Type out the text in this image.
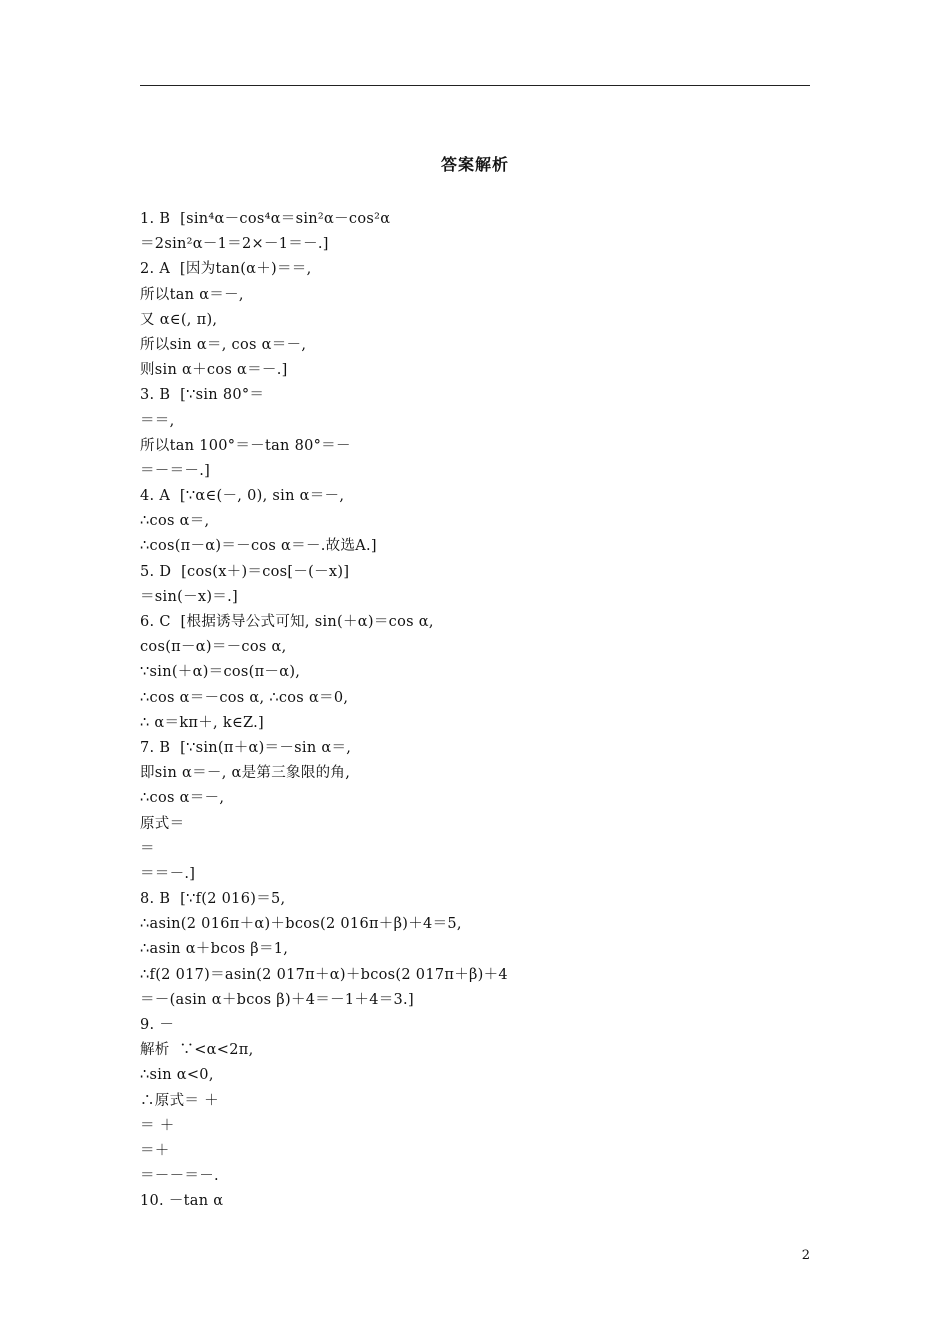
答案解析
1. B  [sin⁴α－cos⁴α＝sin²α－cos²α
＝2sin²α－1＝2×－1＝－.]
2. A  [因为tan(α＋)＝＝,
所以tan α＝－,
又 α∈(, π),
所以sin α＝, cos α＝－,
则sin α＋cos α＝－.]
3. B  [∵sin 80°＝
＝＝,
所以tan 100°＝－tan 80°＝－
＝－＝－.]
4. A  [∵α∈(－, 0), sin α＝－,
∴cos α＝,
∴cos(π－α)＝－cos α＝－.故选A.]
5. D  [cos(x＋)＝cos[－(－x)]
＝sin(－x)＝.]
6. C  [根据诱导公式可知, sin(＋α)＝cos α,
cos(π－α)＝－cos α,
∵sin(＋α)＝cos(π－α),
∴cos α＝－cos α, ∴cos α＝0,
∴ α＝kπ＋, k∈Z.]
7. B  [∵sin(π＋α)＝－sin α＝,
即sin α＝－, α是第三象限的角,
∴cos α＝－,
原式＝
＝
＝＝－.]
8. B  [∵f(2 016)＝5,
∴asin(2 016π＋α)＋bcos(2 016π＋β)＋4＝5,
∴asin α＋bcos β＝1,
∴f(2 017)＝asin(2 017π＋α)＋bcos(2 017π＋β)＋4
＝－(asin α＋bcos β)＋4＝－1＋4＝3.]
9. －
解析  ∵<α<2π,
∴sin α<0,
∴原式＝ ＋
＝ ＋
＝＋
＝－－＝－.
10. －tan α
2
